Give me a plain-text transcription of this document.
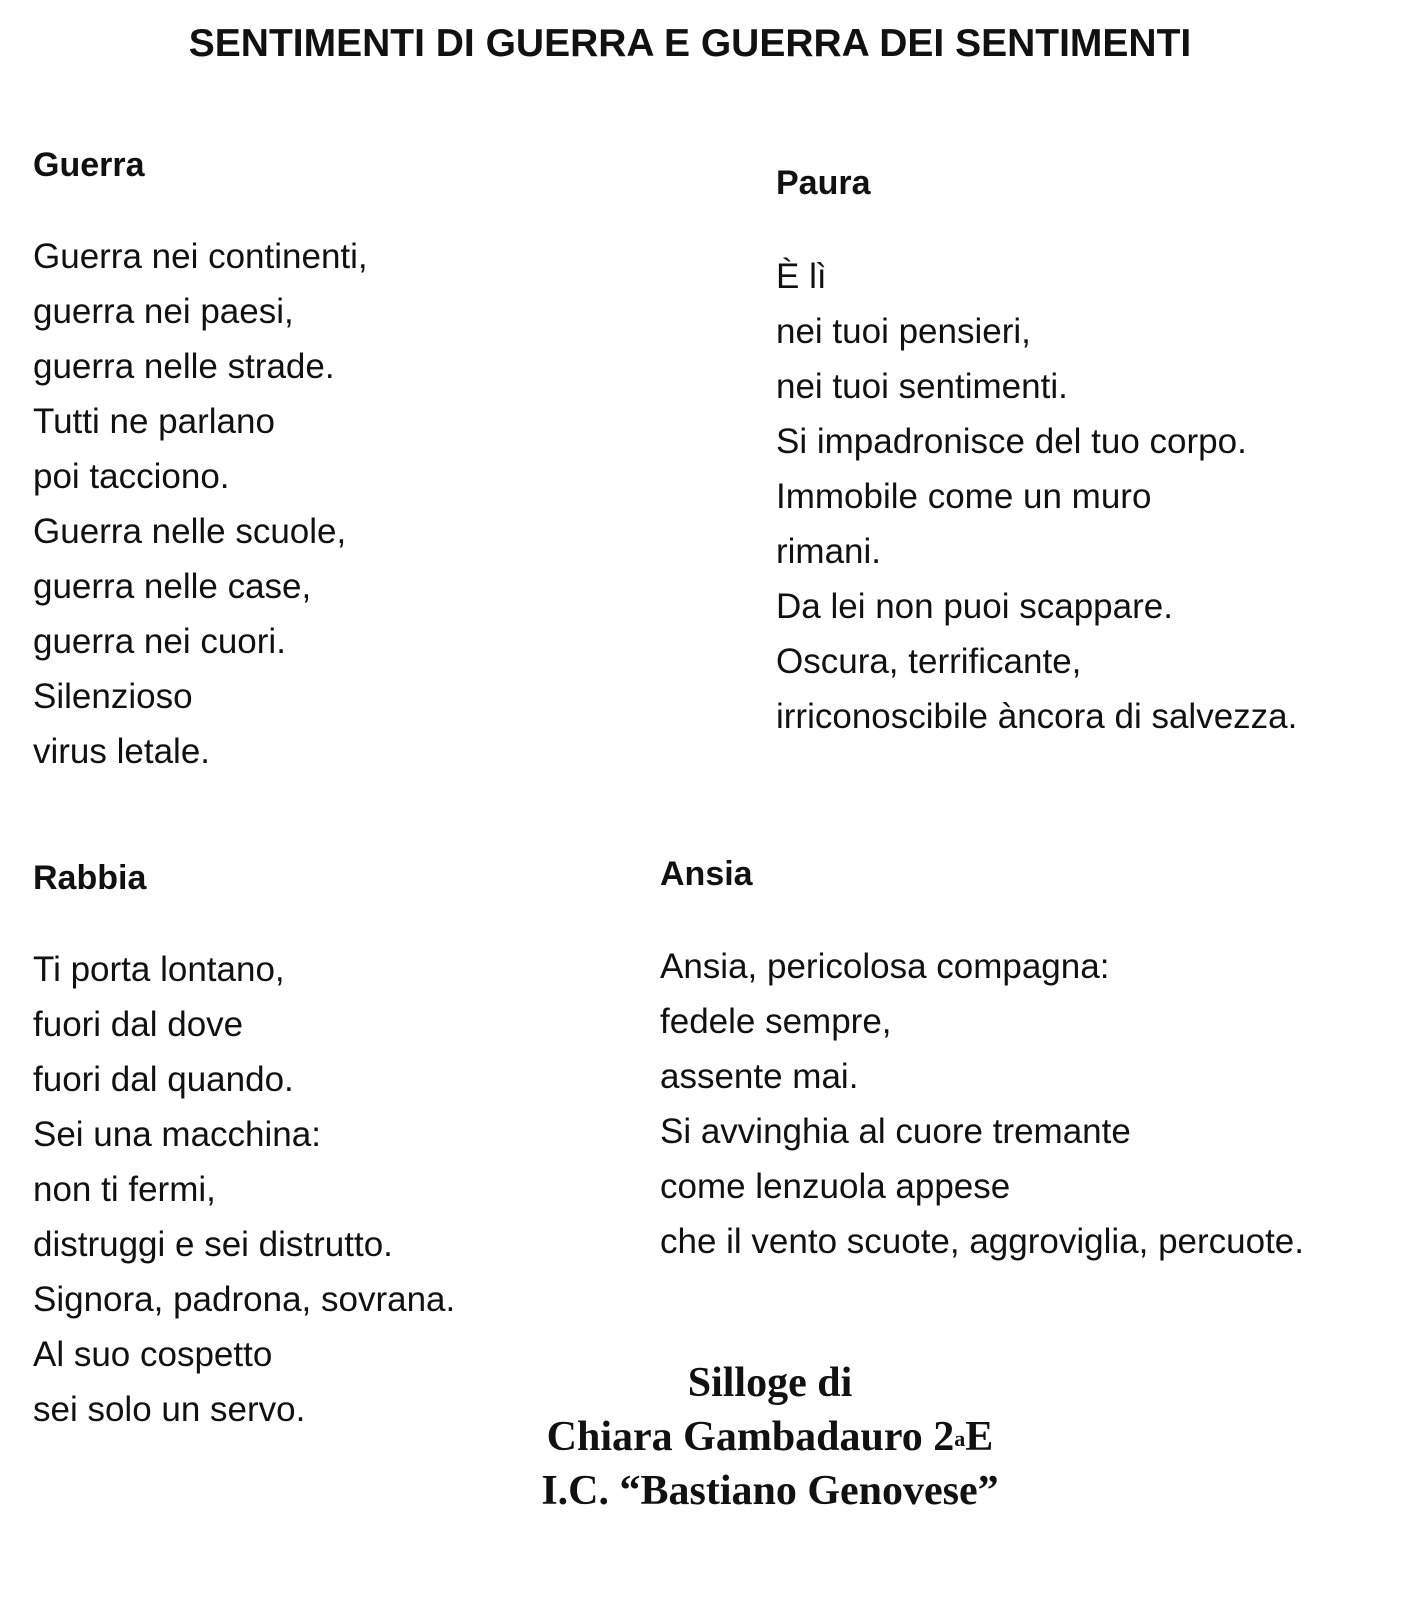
SENTIMENTI DI GUERRA E GUERRA DEI SENTIMENTI
Guerra
Guerra nei continenti,
guerra nei paesi,
guerra nelle strade.
Tutti ne parlano
poi tacciono.
Guerra nelle scuole,
guerra nelle case,
guerra nei cuori.
Silenzioso
virus letale.
Paura
È lì
nei tuoi pensieri,
nei tuoi sentimenti.
Si impadronisce del tuo corpo.
Immobile come un muro
rimani.
Da lei non puoi scappare.
Oscura, terrificante,
irriconoscibile àncora di salvezza.
Rabbia
Ti porta lontano,
fuori dal dove
fuori dal quando.
Sei una macchina:
non ti fermi,
distruggi e sei distrutto.
Signora, padrona, sovrana.
Al suo cospetto
sei solo un servo.
Ansia
Ansia, pericolosa compagna:
fedele sempre,
assente mai.
Si avvinghia al cuore tremante
come lenzuola appese
che il vento scuote, aggroviglia, percuote.
Silloge di
Chiara Gambadauro 2$^a$E
I.C. “Bastiano Genovese”
